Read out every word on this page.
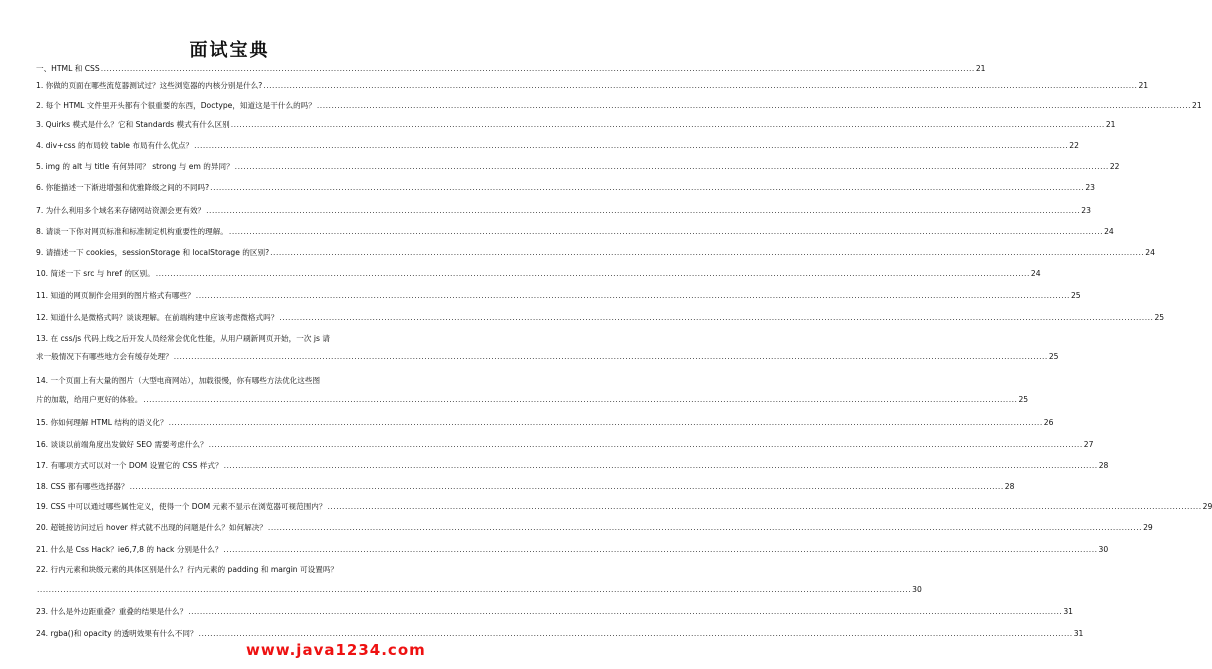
面试宝典
一、HTML 和 CSS ............................................................................................................................................................................................................................................................................................................ 21
1. 你做的页面在哪些流览器测试过？这些浏览器的内核分别是什么? ............................................................................................................................................................................................................................................................................................................ 21
2. 每个 HTML 文件里开头都有个很重要的东西，Doctype，知道这是干什么的吗？ ............................................................................................................................................................................................................................................................................................................ 21
3. Quirks 模式是什么？它和 Standards 模式有什么区别 ............................................................................................................................................................................................................................................................................................................ 21
4. div+css 的布局较 table 布局有什么优点？ ............................................................................................................................................................................................................................................................................................................ 22
5. img 的 alt 与 title 有何异同？ strong 与 em 的异同？ ............................................................................................................................................................................................................................................................................................................ 22
6. 你能描述一下渐进增强和优雅降级之间的不同吗? ............................................................................................................................................................................................................................................................................................................ 23
7. 为什么利用多个域名来存储网站资源会更有效？ ............................................................................................................................................................................................................................................................................................................ 23
8. 请谈一下你对网页标准和标准制定机构重要性的理解。 ............................................................................................................................................................................................................................................................................................................ 24
9. 请描述一下 cookies，sessionStorage 和 localStorage 的区别? ............................................................................................................................................................................................................................................................................................................ 24
10. 简述一下 src 与 href 的区别。 ............................................................................................................................................................................................................................................................................................................ 24
11. 知道的网页制作会用到的图片格式有哪些？ ............................................................................................................................................................................................................................................................................................................ 25
12. 知道什么是微格式吗？谈谈理解。在前端构建中应该考虑微格式吗？ ............................................................................................................................................................................................................................................................................................................ 25
13. 在 css/js 代码上线之后开发人员经常会优化性能，从用户刷新网页开始，一次 js 请
求一般情况下有哪些地方会有缓存处理？ ............................................................................................................................................................................................................................................................................................................ 25
14. 一个页面上有大量的图片（大型电商网站），加载很慢，你有哪些方法优化这些图
片的加载，给用户更好的体验。 ............................................................................................................................................................................................................................................................................................................ 25
15. 你如何理解 HTML 结构的语义化？ ............................................................................................................................................................................................................................................................................................................ 26
16. 谈谈以前端角度出发做好 SEO 需要考虑什么？ ............................................................................................................................................................................................................................................................................................................ 27
17. 有哪项方式可以对一个 DOM 设置它的 CSS 样式？ ............................................................................................................................................................................................................................................................................................................ 28
18. CSS 都有哪些选择器？ ............................................................................................................................................................................................................................................................................................................ 28
19. CSS 中可以通过哪些属性定义，使得一个 DOM 元素不显示在浏览器可视范围内？ ............................................................................................................................................................................................................................................................................................................ 29
20. 超链接访问过后 hover 样式就不出现的问题是什么？如何解决？ ............................................................................................................................................................................................................................................................................................................ 29
21. 什么是 Css Hack？ie6,7,8 的 hack 分别是什么？ ............................................................................................................................................................................................................................................................................................................ 30
22. 行内元素和块级元素的具体区别是什么？行内元素的 padding 和 margin 可设置吗？
............................................................................................................................................................................................................................................................................................................ 30
23. 什么是外边距重叠？重叠的结果是什么？ ............................................................................................................................................................................................................................................................................................................ 31
24. rgba()和 opacity 的透明效果有什么不同？ ............................................................................................................................................................................................................................................................................................................ 31
www.java1234.com
